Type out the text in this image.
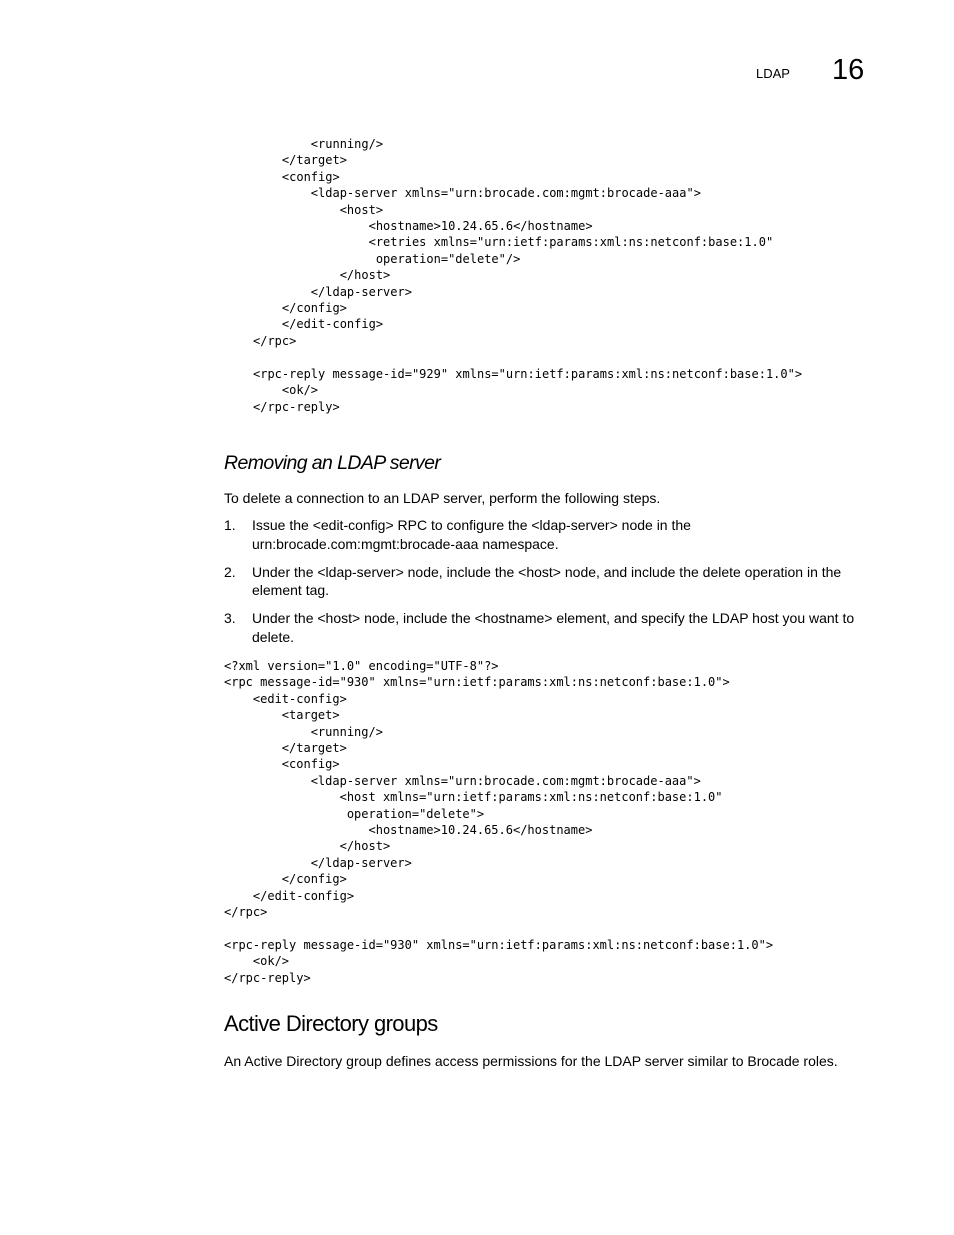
LDAP 16
<running/>
</target>
<config>
<ldap-server xmlns="urn:brocade.com:mgmt:brocade-aaa">
<host>
<hostname>10.24.65.6</hostname>
<retries xmlns="urn:ietf:params:xml:ns:netconf:base:1.0"
operation="delete"/>
</host>
</ldap-server>
</config>
</edit-config>
</rpc>

<rpc-reply message-id="929" xmlns="urn:ietf:params:xml:ns:netconf:base:1.0">
<ok/>
</rpc-reply>
Removing an LDAP server
To delete a connection to an LDAP server, perform the following steps.
1. Issue the <edit-config> RPC to configure the <ldap-server> node in the urn:brocade.com:mgmt:brocade-aaa namespace.
2. Under the <ldap-server> node, include the <host> node, and include the delete operation in the element tag.
3. Under the <host> node, include the <hostname> element, and specify the LDAP host you want to delete.
<?xml version="1.0" encoding="UTF-8"?>
<rpc message-id="930" xmlns="urn:ietf:params:xml:ns:netconf:base:1.0">
<edit-config>
<target>
<running/>
</target>
<config>
<ldap-server xmlns="urn:brocade.com:mgmt:brocade-aaa">
<host xmlns="urn:ietf:params:xml:ns:netconf:base:1.0"
operation="delete">
<hostname>10.24.65.6</hostname>
</host>
</ldap-server>
</config>
</edit-config>
</rpc>

<rpc-reply message-id="930" xmlns="urn:ietf:params:xml:ns:netconf:base:1.0">
<ok/>
</rpc-reply>
Active Directory groups
An Active Directory group defines access permissions for the LDAP server similar to Brocade roles.
